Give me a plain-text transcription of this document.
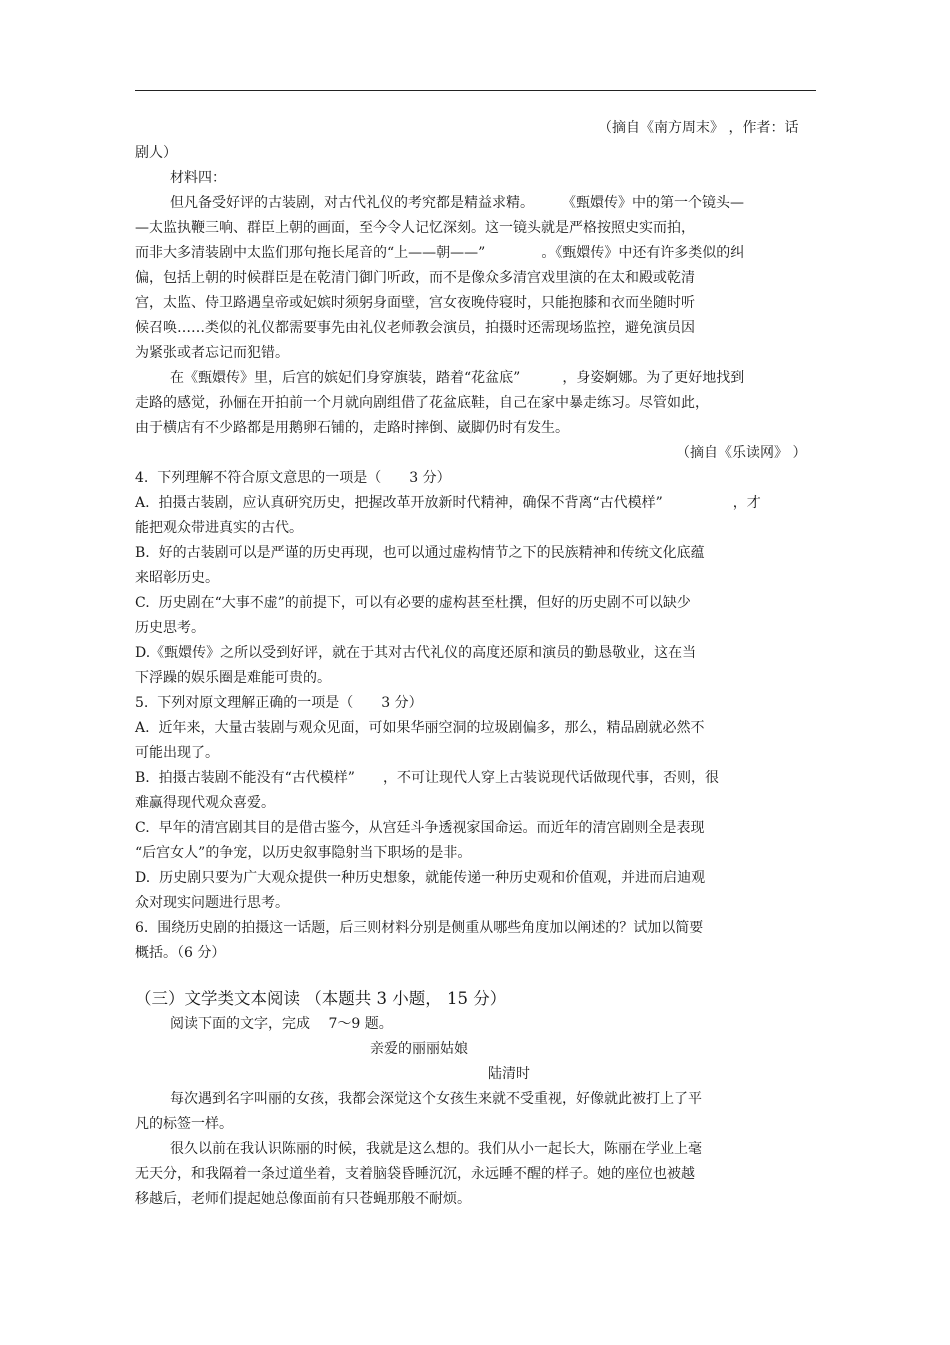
（摘自《南方周末》 ，作者：话
剧人）
材料四：
但凡备受好评的古装剧，对古代礼仪的考究都是精益求精。　　　《甄嬛传》中的第一个镜头—
—太监执鞭三响、群臣上朝的画面，至今令人记忆深刻。这一镜头就是严格按照史实而拍，
而非大多清装剧中太监们那句拖长尾音的“上——朝——”　　　　。《甄嬛传》中还有许多类似的纠
偏，包括上朝的时候群臣是在乾清门御门听政，而不是像众多清宫戏里演的在太和殿或乾清
宫，太监、侍卫路遇皇帝或妃嫔时须躬身面壁，宫女夜晚侍寝时，只能抱膝和衣而坐随时听
候召唤……类似的礼仪都需要事先由礼仪老师教会演员，拍摄时还需现场监控，避免演员因
为紧张或者忘记而犯错。
在《甄嬛传》里，后宫的嫔妃们身穿旗装，踏着“花盆底”　　　，身姿婀娜。为了更好地找到
走路的感觉，孙俪在开拍前一个月就向剧组借了花盆底鞋，自己在家中暴走练习。尽管如此，
由于横店有不少路都是用鹅卵石铺的，走路时摔倒、崴脚仍时有发生。
（摘自《乐读网》 ）
4.  下列理解不符合原文意思的一项是（　　3 分）
A.  拍摄古装剧，应认真研究历史，把握改革开放新时代精神，确保不背离“古代模样”　　　　　，才
能把观众带进真实的古代。
B.  好的古装剧可以是严谨的历史再现，也可以通过虚构情节之下的民族精神和传统文化底蕴
来昭彰历史。
C.  历史剧在“大事不虚”的前提下，可以有必要的虚构甚至杜撰，但好的历史剧不可以缺少
历史思考。
D.《甄嬛传》之所以受到好评，就在于其对古代礼仪的高度还原和演员的勤恳敬业，这在当
下浮躁的娱乐圈是难能可贵的。
5.  下列对原文理解正确的一项是（　　3 分）
A.  近年来，大量古装剧与观众见面，可如果华丽空洞的垃圾剧偏多，那么，精品剧就必然不
可能出现了。
B.  拍摄古装剧不能没有“古代模样”　　，不可让现代人穿上古装说现代话做现代事，否则，很
难赢得现代观众喜爱。
C.  早年的清宫剧其目的是借古鉴今，从宫廷斗争透视家国命运。而近年的清宫剧则全是表现
“后宫女人”的争宠，以历史叙事隐射当下职场的是非。
D.  历史剧只要为广大观众提供一种历史想象，就能传递一种历史观和价值观，并进而启迪观
众对现实问题进行思考。
6.  围绕历史剧的拍摄这一话题，后三则材料分别是侧重从哪些角度加以阐述的？试加以简要
概括。（6 分）
（三）文学类文本阅读 （本题共 3 小题， 15 分）
阅读下面的文字，完成　 7～9 题。
亲爱的丽丽姑娘
陆清时
每次遇到名字叫丽的女孩，我都会深觉这个女孩生来就不受重视，好像就此被打上了平
凡的标签一样。
很久以前在我认识陈丽的时候，我就是这么想的。我们从小一起长大，陈丽在学业上毫
无天分，和我隔着一条过道坐着，支着脑袋昏睡沉沉，永远睡不醒的样子。她的座位也被越
移越后，老师们提起她总像面前有只苍蝇那般不耐烦。
